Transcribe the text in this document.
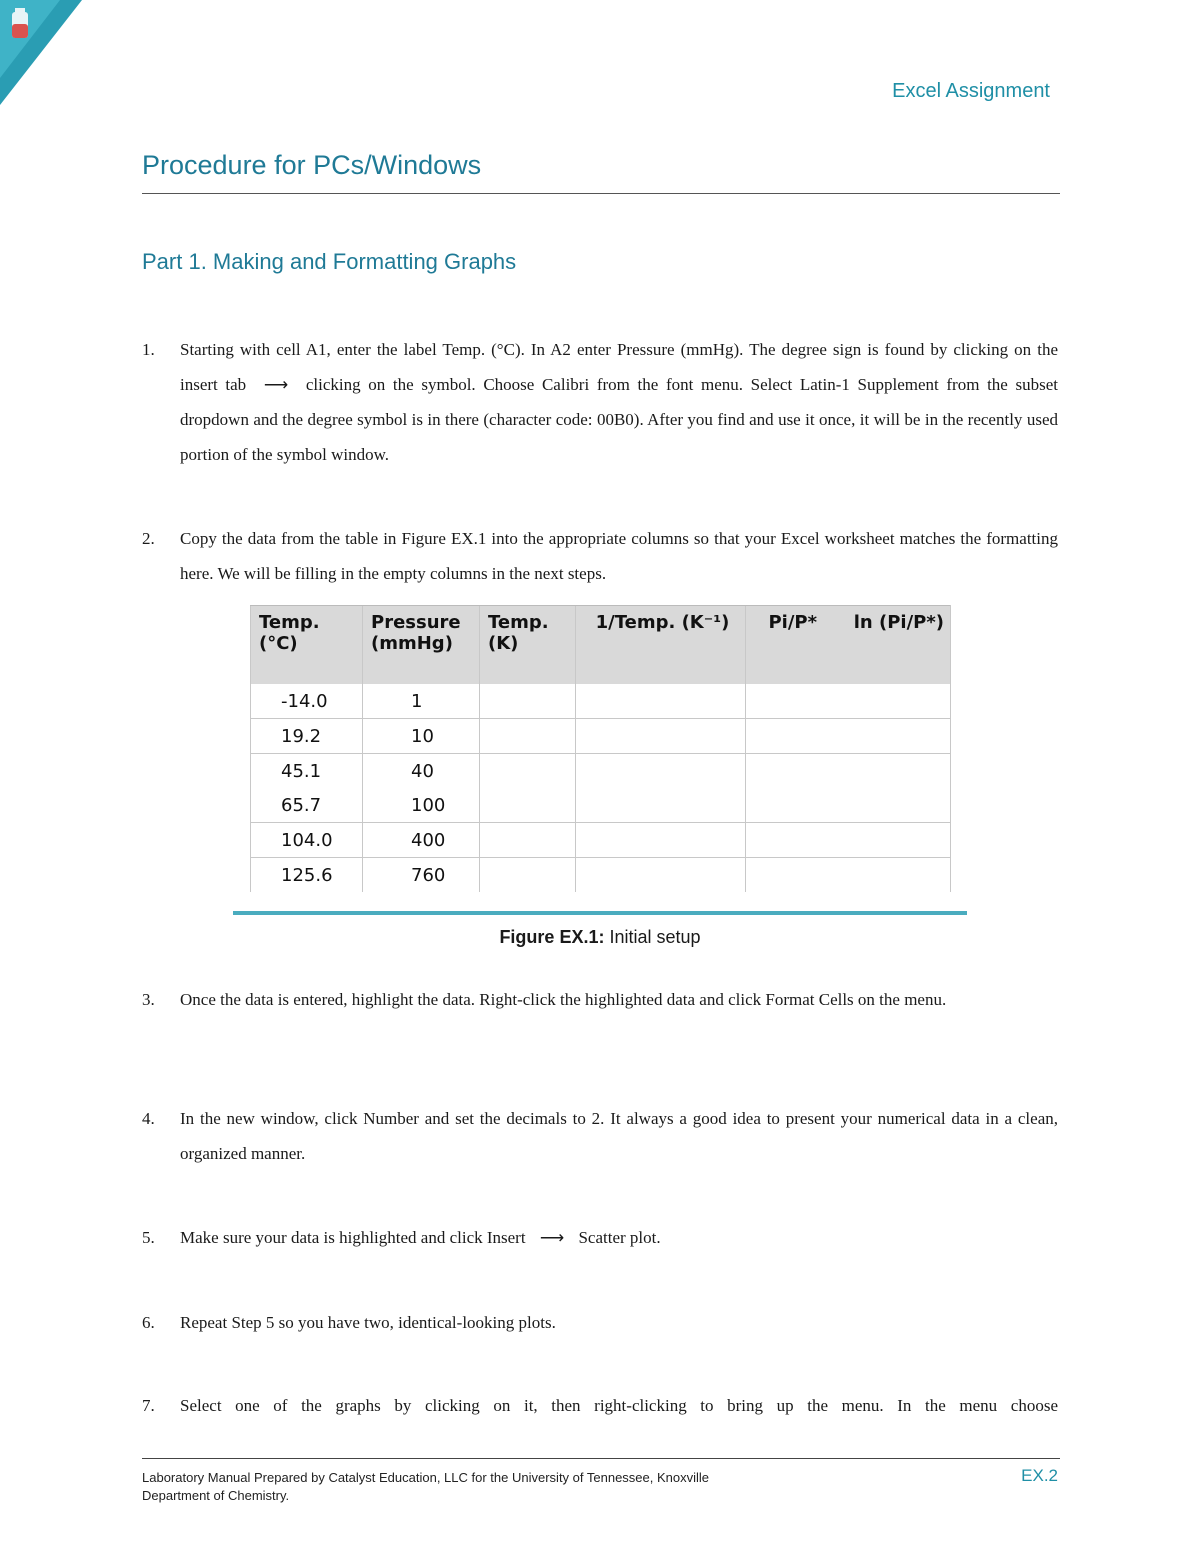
Excel Assignment
Procedure for PCs/Windows
Part 1. Making and Formatting Graphs
1. Starting with cell A1, enter the label Temp. (°C). In A2 enter Pressure (mmHg). The degree sign is found by clicking on the insert tab ⟶ clicking on the symbol. Choose Calibri from the font menu. Select Latin-1 Supplement from the subset dropdown and the degree symbol is in there (character code: 00B0). After you find and use it once, it will be in the recently used portion of the symbol window.

2. Copy the data from the table in Figure EX.1 into the appropriate columns so that your Excel worksheet matches the formatting here. We will be filling in the empty columns in the next steps.

Temp. (°C)	Pressure (mmHg)	Temp. (K)	1/Temp. (K⁻¹)	Pi/P*	ln (Pi/P*)
-14.0	1				
19.2	10				
45.1	40				
65.7	100				
104.0	400				
125.6	760				
Figure EX.1: Initial setup
3. Once the data is entered, highlight the data. Right-click the highlighted data and click Format Cells on the menu.

4. In the new window, click Number and set the decimals to 2. It always a good idea to present your numerical data in a clean, organized manner.

5. Make sure your data is highlighted and click Insert ⟶ Scatter plot.

6. Repeat Step 5 so you have two, identical-looking plots.

7. Select one of the graphs by clicking on it, then right-clicking to bring up the menu. In the menu choose

Laboratory Manual Prepared by Catalyst Education, LLC for the University of Tennessee, Knoxville
Department of Chemistry.
EX.2
